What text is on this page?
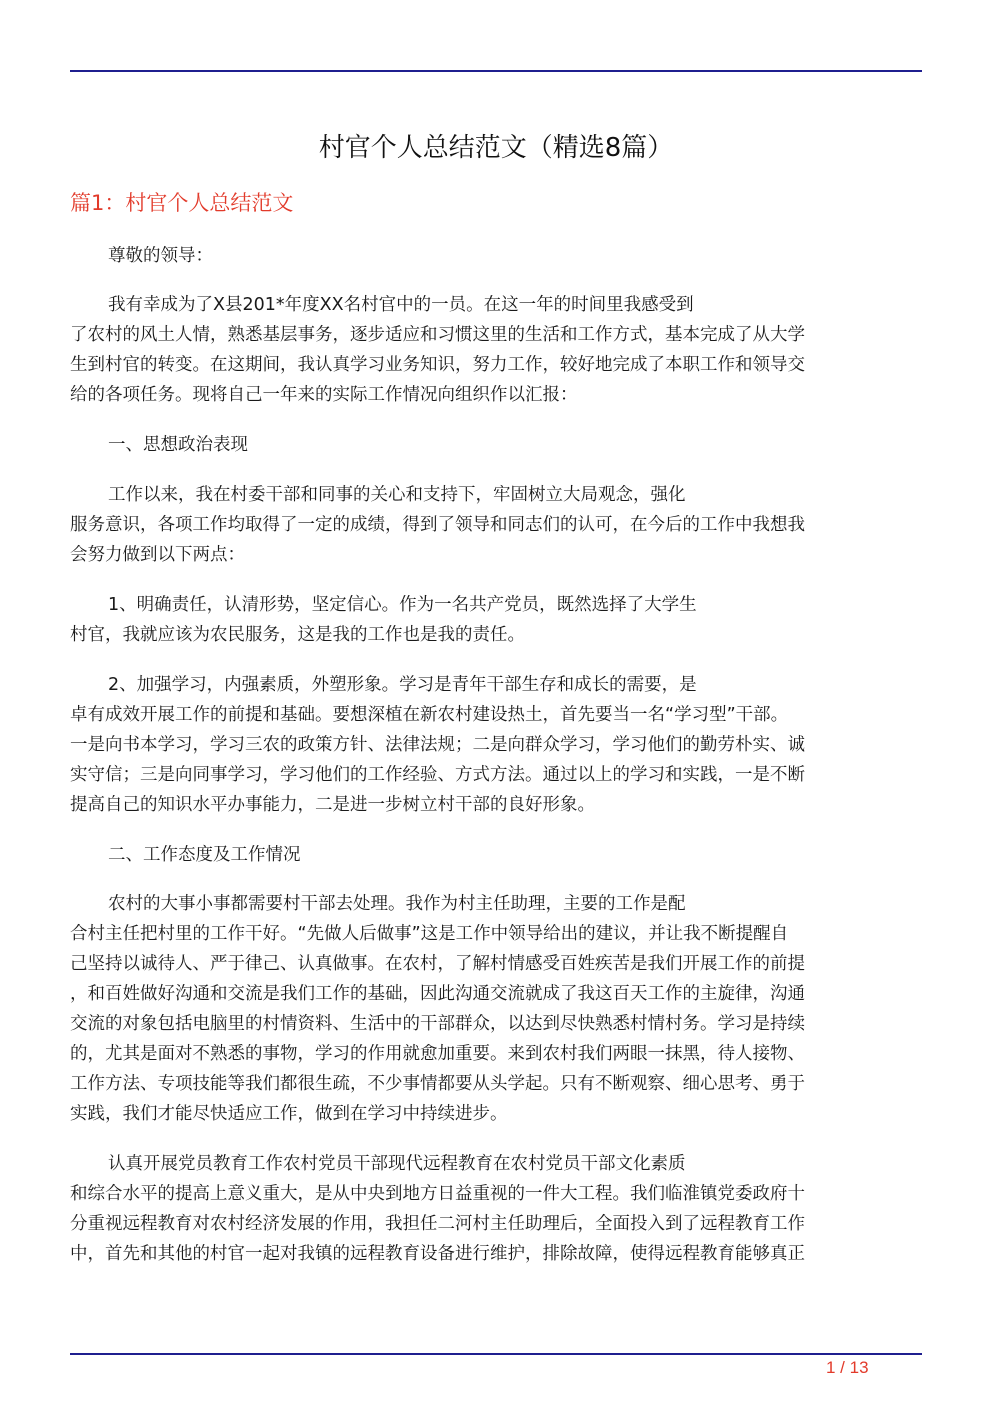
村官个人总结范文（精选8篇）
篇1：村官个人总结范文
尊敬的领导：
我有幸成为了X县201*年度XX名村官中的一员。在这一年的时间里我感受到
了农村的风土人情，熟悉基层事务，逐步适应和习惯这里的生活和工作方式，基本完成了从大学
生到村官的转变。在这期间，我认真学习业务知识，努力工作，较好地完成了本职工作和领导交
给的各项任务。现将自己一年来的实际工作情况向组织作以汇报：
一、思想政治表现
工作以来，我在村委干部和同事的关心和支持下，牢固树立大局观念，强化
服务意识，各项工作均取得了一定的成绩，得到了领导和同志们的认可，在今后的工作中我想我
会努力做到以下两点：
1、明确责任，认清形势，坚定信心。作为一名共产党员，既然选择了大学生
村官，我就应该为农民服务，这是我的工作也是我的责任。
2、加强学习，内强素质，外塑形象。学习是青年干部生存和成长的需要，是
卓有成效开展工作的前提和基础。要想深植在新农村建设热土，首先要当一名“学习型”干部。
一是向书本学习，学习三农的政策方针、法律法规；二是向群众学习，学习他们的勤劳朴实、诚
实守信；三是向同事学习，学习他们的工作经验、方式方法。通过以上的学习和实践，一是不断
提高自己的知识水平办事能力，二是进一步树立村干部的良好形象。
二、工作态度及工作情况
农村的大事小事都需要村干部去处理。我作为村主任助理，主要的工作是配
合村主任把村里的工作干好。“先做人后做事”这是工作中领导给出的建议，并让我不断提醒自
己坚持以诚待人、严于律己、认真做事。在农村，了解村情感受百姓疾苦是我们开展工作的前提
，和百姓做好沟通和交流是我们工作的基础，因此沟通交流就成了我这百天工作的主旋律，沟通
交流的对象包括电脑里的村情资料、生活中的干部群众，以达到尽快熟悉村情村务。学习是持续
的，尤其是面对不熟悉的事物，学习的作用就愈加重要。来到农村我们两眼一抹黑，待人接物、
工作方法、专项技能等我们都很生疏，不少事情都要从头学起。只有不断观察、细心思考、勇于
实践，我们才能尽快适应工作，做到在学习中持续进步。
认真开展党员教育工作农村党员干部现代远程教育在农村党员干部文化素质
和综合水平的提高上意义重大，是从中央到地方日益重视的一件大工程。我们临淮镇党委政府十
分重视远程教育对农村经济发展的作用，我担任二河村主任助理后，全面投入到了远程教育工作
中，首先和其他的村官一起对我镇的远程教育设备进行维护，排除故障，使得远程教育能够真正
1 / 13
